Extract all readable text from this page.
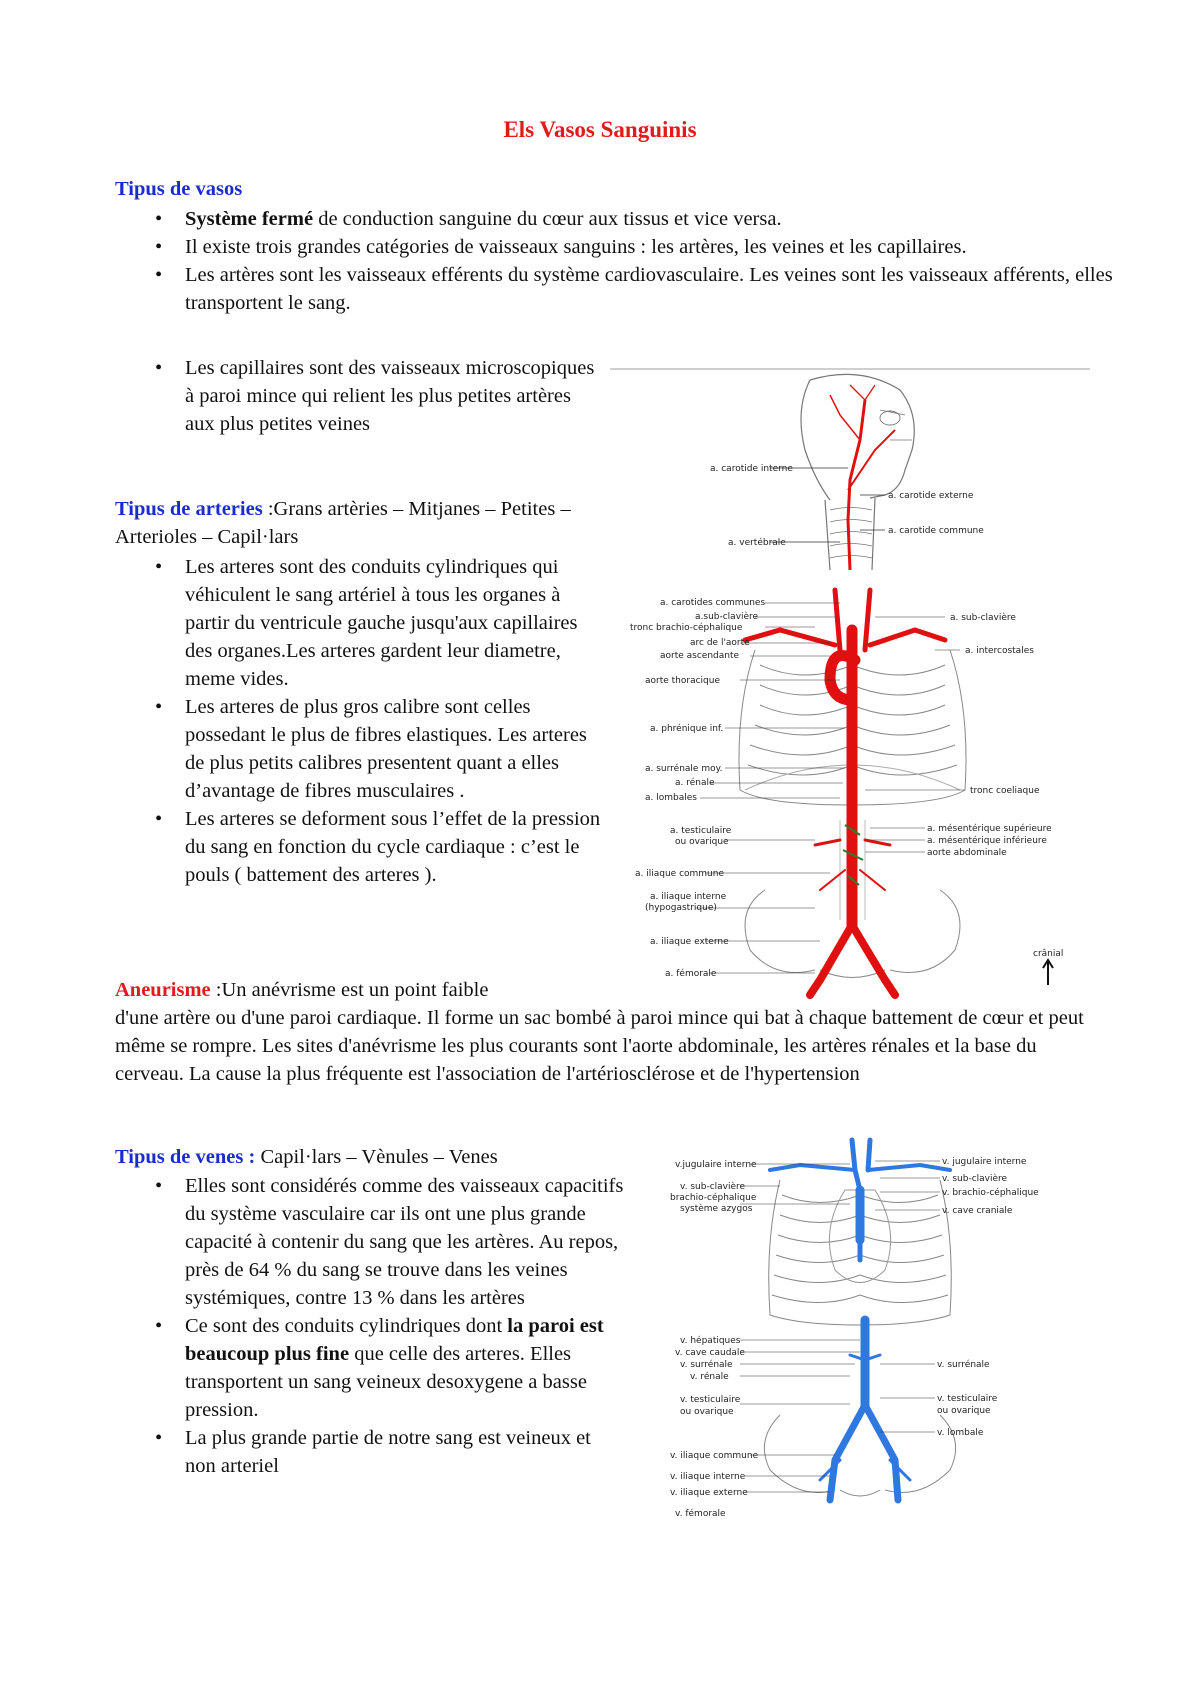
Els Vasos Sanguinis
Tipus de vasos
• Système fermé de conduction sanguine du cœur aux tissus et vice versa.
• Il existe trois grandes catégories de vaisseaux sanguins : les artères, les veines et les capillaires.
• Les artères sont les vaisseaux efférents du système cardiovasculaire. Les veines sont les vaisseaux afférents, elles transportent le sang.
• Les capillaires sont des vaisseaux microscopiques à paroi mince qui relient les plus petites artères aux plus petites veines
Tipus de arteries :Grans artèries – Mitjanes – Petites – Arterioles – Capil·lars
• Les arteres sont des conduits cylindriques qui véhiculent le sang artériel à tous les organes à partir du ventricule gauche jusqu'aux capillaires des organes.Les arteres gardent leur diametre, meme vides.
• Les arteres de plus gros calibre sont celles possedant le plus de fibres elastiques. Les arteres de plus petits calibres presentent quant a elles d’avantage de fibres musculaires .
• Les arteres se deforment sous l’effet de la pression du sang en fonction du cycle cardiaque : c’est le pouls ( battement des arteres ).
Aneurisme :Un anévrisme est un point faible
d'une artère ou d'une paroi cardiaque. Il forme un sac bombé à paroi mince qui bat à chaque battement de cœur et peut même se rompre. Les sites d'anévrisme les plus courants sont l'aorte abdominale, les artères rénales et la base du cerveau. La cause la plus fréquente est l'association de l'artériosclérose et de l'hypertension
Tipus de venes : Capil·lars – Vènules – Venes
• Elles sont considérés comme des vaisseaux capacitifs du système vasculaire car ils ont une plus grande capacité à contenir du sang que les artères. Au repos, près de 64 % du sang se trouve dans les veines systémiques, contre 13 % dans les artères
• Ce sont des conduits cylindriques dont la paroi est beaucoup plus fine que celle des arteres. Elles transportent un sang veineux desoxygene a basse pression.
• La plus grande partie de notre sang est veineux et non arteriel
a. carotide interne
a. carotide externe
a. carotide commune
a. vertébrale
a. carotides communes
a.sub-clavière
tronc brachio-céphalique
arc de l'aorte
aorte ascendante
aorte thoracique
a. phrénique inf.
a. surrénale moy.
a. rénale
a. lombales
a. testiculaire
ou ovarique
a. iliaque commune
a. iliaque interne
(hypogastrique)
a. iliaque externe
a. fémorale
a. sub-clavière
a. intercostales
tronc coeliaque
a. mésentérique supérieure
a. mésentérique inférieure
aorte abdominale
crânial
v.jugulaire interne
v. sub-clavière
brachio-céphalique
système azygos
v. hépatiques
v. cave caudale
v. surrénale
v. rénale
v. testiculaire
ou ovarique
v. iliaque commune
v. iliaque interne
v. iliaque externe
v. fémorale
v. jugulaire interne
v. sub-clavière
v. brachio-céphalique
v. cave craniale
v. surrénale
v. testiculaire
ou ovarique
v. lombale
